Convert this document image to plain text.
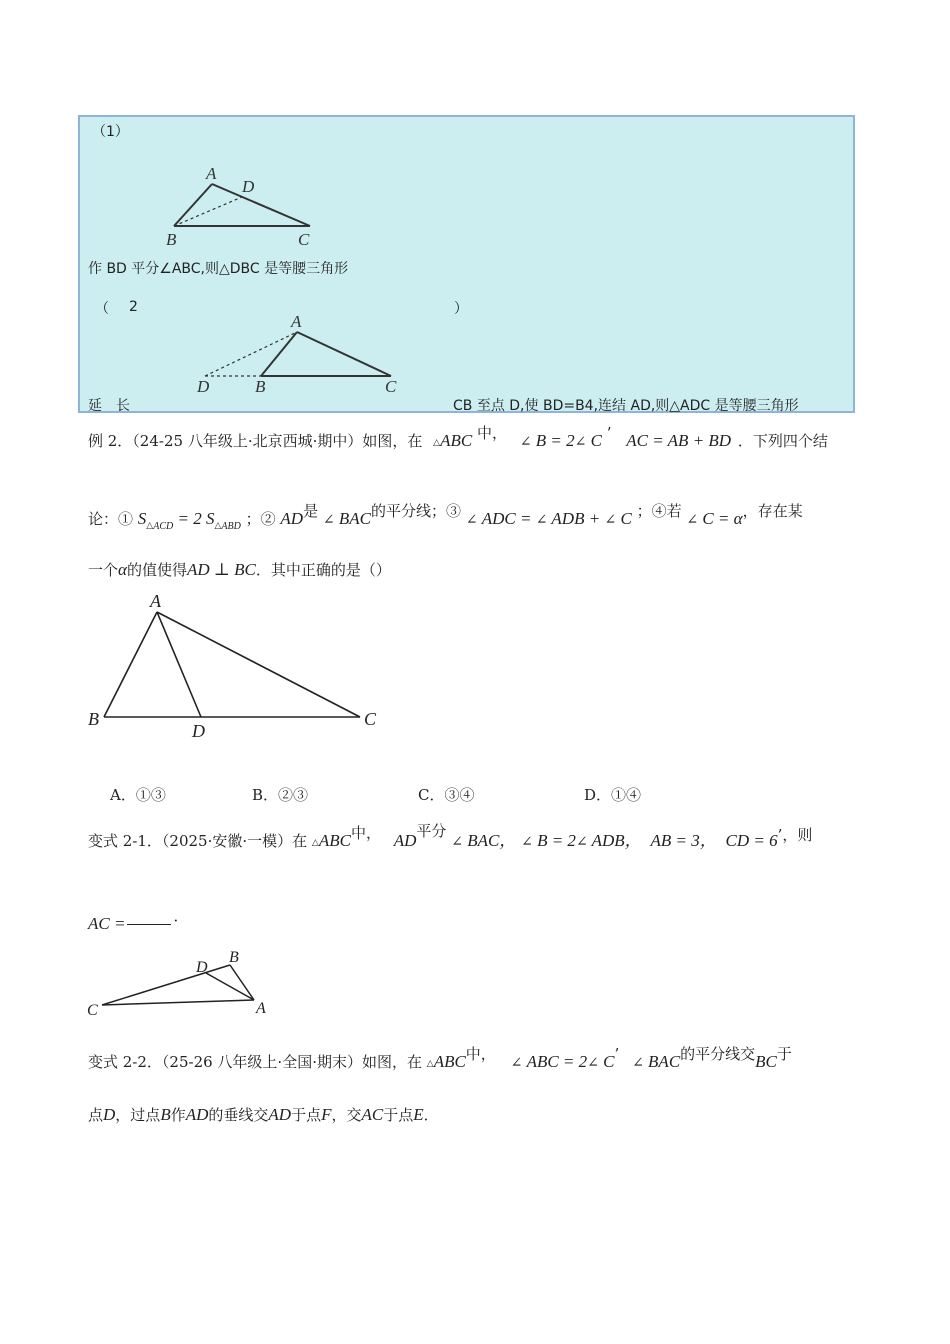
（1）
A
D
B	C
作 BD 平分∠ABC,则△DBC 是等腰三角形
（ 2	）
A
D	B	C
延　长	CB 至点 D,使 BD=B4,连结 AD,则△ADC 是等腰三角形
例 2．（24-25 八年级上·北京西城·期中）如图，在 △ABC 中， ∠ B = 2∠ C ’ AC = AB + BD ．下列四个结
论：① $S_{\triangle ACD} = 2$ $S_{\triangle ABD}$ ；② AD是 ∠ BAC的平分线；③ ∠ ADC = ∠ ADB + ∠ C ；④若 ∠ C = α，存在某
一个α的值使得AD ⊥ BC．其中正确的是（）
A
B
D
C
A．①③	B．②③	C．③④	D．①④
变式 2-1．（2025·安徽·一模）在 △ABC中， AD平分 ∠ BAC， ∠ B = 2∠ ADB， AB = 3， CD = 6’，则
AC =	．
D
B
C	A
变式 2-2．（25-26 八年级上·全国·期末）如图，在 △ABC中， ∠ ABC = 2∠ C’ ∠ BAC的平分线交BC于
点D，过点B作AD的垂线交AD于点F，交AC于点E．
